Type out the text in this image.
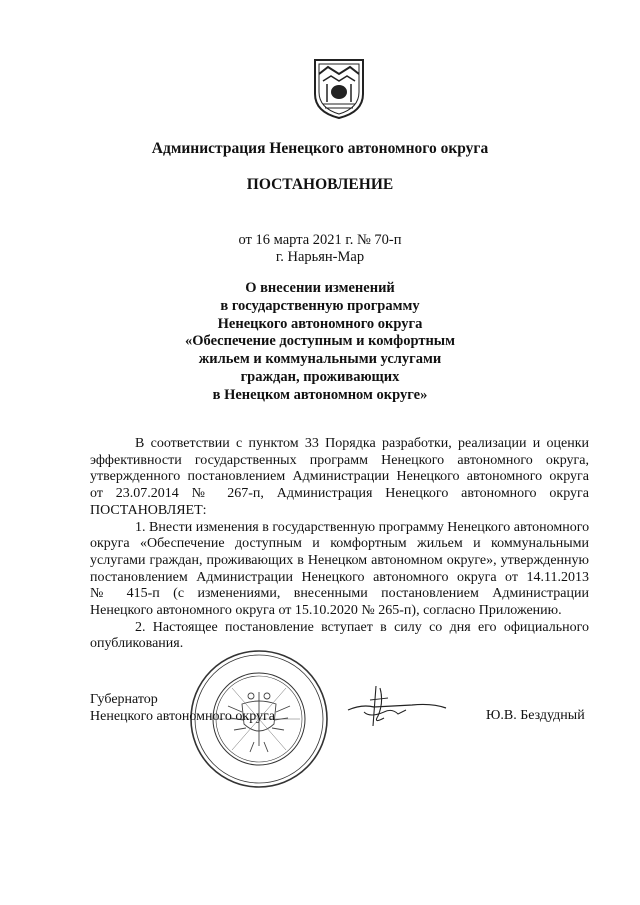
Администрация Ненецкого автономного округа
ПОСТАНОВЛЕНИЕ
от 16 марта 2021 г. № 70-п
г. Нарьян-Мар
О внесении изменений
в государственную программу
Ненецкого автономного округа
«Обеспечение доступным и комфортным
жильем и коммунальными услугами
граждан, проживающих
в Ненецком автономном округе»
В соответствии с пунктом 33 Порядка разработки, реализации и оценки
эффективности государственных программ Ненецкого автономного округа,
утвержденного постановлением Администрации Ненецкого автономного округа
от 23.07.2014 № 267-п, Администрация Ненецкого автономного округа
ПОСТАНОВЛЯЕТ:
1. Внести изменения в государственную программу Ненецкого автономного
округа «Обеспечение доступным и комфортным жильем и коммунальными
услугами граждан, проживающих в Ненецком автономном округе», утвержденную
постановлением Администрации Ненецкого автономного округа от 14.11.2013
№ 415-п (с изменениями, внесенными постановлением Администрации
Ненецкого автономного округа от 15.10.2020 № 265-п), согласно Приложению.
2. Настоящее постановление вступает в силу со дня его официального
опубликования.
Губернатор
Ненецкого автономного округа	Ю.В. Бездудный
